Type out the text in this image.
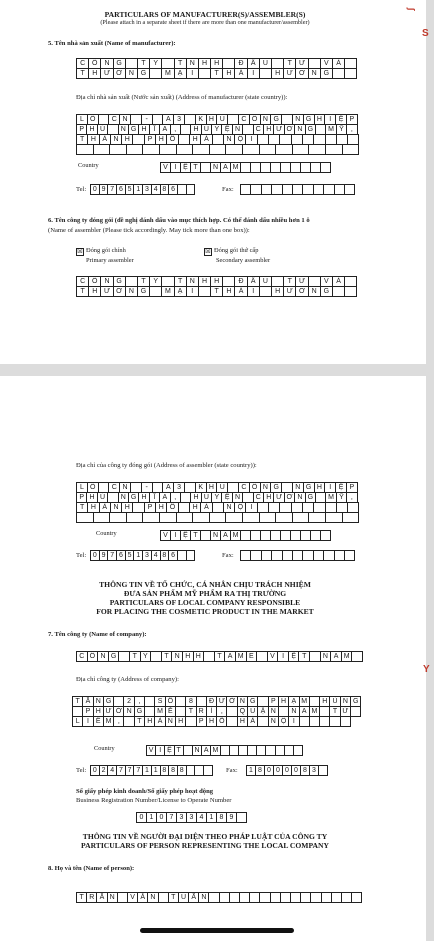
PARTICULARS OF MANUFACTURER(S)/ASSEMBLER(S)
(Please attach in a separate sheet if there are more than one manufacturer/assembler)
5. Tên nhà sản xuất (Name of manufacturer):
C Ô N G	T	Y	T	N	H	H	Đ	Â	U	T	Ư	V	À
T	H Ư Ơ N G	M Ạ	I	T	H	Á	I	H Ư Ơ N G
Địa chỉ nhà sản xuất (Nước sản xuất) (Address of manufacturer (state country)):
L Ô	C N	-	A 3	K H U	C Ô N G	N G H	I	Ệ P
P H Ú	N G H Ĩ	A	,	H U Y Ệ N	C H Ư Ơ N G	M Ỹ	,
T H À N H	P H Ố	H À	N Ộ	I
Country	V I Ệ T	N A M
Tel: 0 9 7 6 5 1 3 4 8 6	Fax:
6. Tên công ty đóng gói (đề nghị đánh dấu vào mục thích hợp. Có thể đánh dấu nhiều hơn 1 ô
(Name of assembler (Please tick accordingly. May tick more than one box)):
☒ Đóng gói chính
Primary assembler
☒ Đóng gói thứ cấp
Secondary assembler
C Ô N G	T	Y	T	N	H	H	Đ	Â	U	T	Ư	V	À
T	H Ư Ơ N G	M Ạ	I	T	H	Á	I	H Ư Ơ N G
Địa chỉ của công ty đóng gói (Address of assembler (state country)):
L Ô	C N	-	A 3	K H U	C Ô N G	N G H	I	Ệ P
P H Ú	N G H Ĩ	A	,	H U Y Ệ N	C H Ư Ơ N G	M Ỹ	,
T H À N H	P H Ố	H À	N Ộ	I
Country	V I Ệ T	N A M
Tel: 0 9 7 6 5 1 3 4 8 6	Fax:
THÔNG TIN VỀ TỔ CHỨC, CÁ NHÂN CHỊU TRÁCH NHIỆM
ĐƯA SẢN PHẨM MỸ PHẨM RA THỊ TRƯỜNG
PARTICULARS OF LOCAL COMPANY RESPONSIBLE
FOR PLACING THE COSMETIC PRODUCT IN THE MARKET
7. Tên công ty (Name of company):
C Ô N G	T Y	T N H H	T A M E	V	I	Ệ T	N A M
Địa chỉ công ty (Address of company):
T Ầ N G	2	,	S Ố	8	Đ Ư Ờ N G	P H Ạ M	H Ù N G
P H Ư Ờ N G	M Ễ	T R Ì	,	Q U Ậ N	N A M	T Ừ
L	I Ê M ,	T H À N H	P H Ố	H À	N Ộ I
Country	V I Ệ T	N A M
Tel: 0 2 4 7 7 7 1 1 8 8 8	Fax: 1 8 0 0 0 0 8 3
Số giấy phép kinh doanh/Số giấy phép hoạt động
Business Registration Number/License to Operate Number
0 1 0 7 3 3 4 1 8 9
THÔNG TIN VỀ NGƯỜI ĐẠI DIỆN THEO PHÁP LUẬT CỦA CÔNG TY
PARTICULARS OF PERSON REPRESENTING THE LOCAL COMPANY
8. Họ và tên (Name of person):
T R Ầ N	V Ă N	T U Ấ N
ʃ
S
Y
